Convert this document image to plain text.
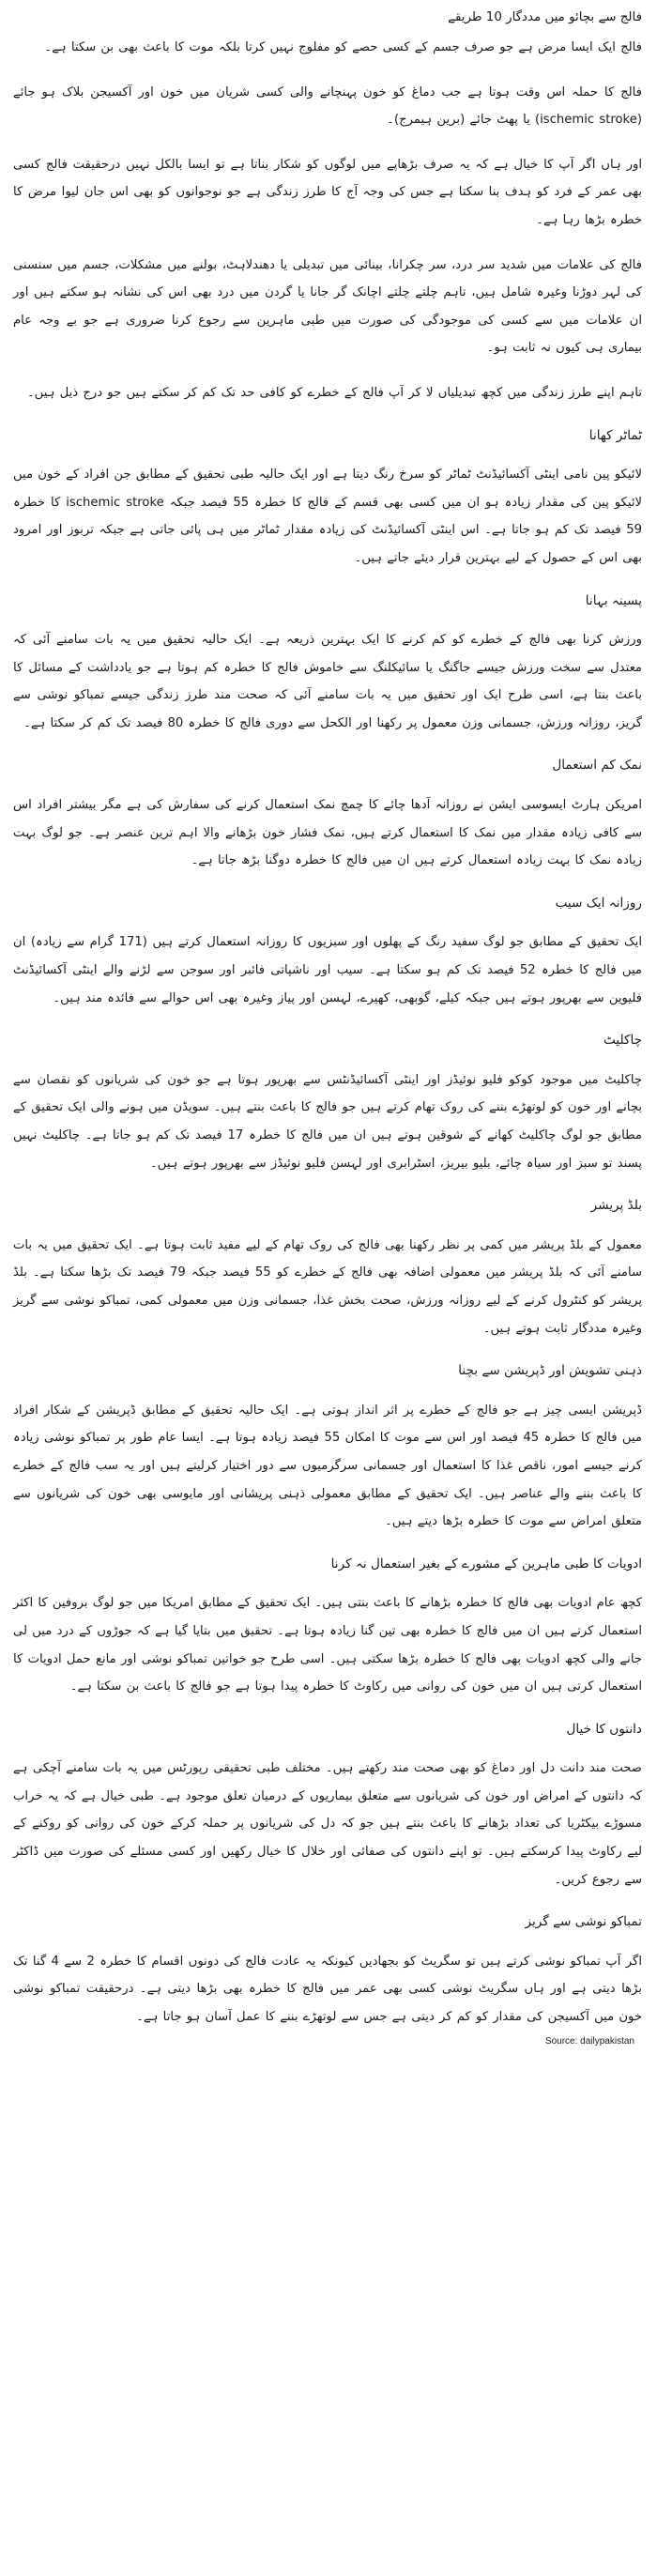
فالج سے بچائو میں مددگار 10 طریقے

فالج ایک ایسا مرض ہے جو صرف جسم کے کسی حصے کو مفلوج نہیں کرتا بلکہ موت کا باعث بھی بن سکتا ہے۔

فالج کا حملہ اس وقت ہوتا ہے جب دماغ کو خون پہنچانے والی کسی شریان میں خون اور آکسیجن بلاک ہو جائے (ischemic stroke) یا پھٹ جائے (برین ہیمرج)۔

اور ہاں اگر آپ کا خیال ہے کہ یہ صرف بڑھاپے میں لوگوں کو شکار بناتا ہے تو ایسا بالکل نہیں درحقیقت فالج کسی بھی عمر کے فرد کو ہدف بنا سکتا ہے جس کی وجہ آج کا طرز زندگی ہے جو نوجوانوں کو بھی اس جان لیوا مرض کا خطرہ بڑھا رہا ہے۔

فالج کی علامات میں شدید سر درد، سر چکرانا، بینائی میں تبدیلی یا دھندلاہٹ، بولنے میں مشکلات، جسم میں سنسنی کی لہر دوڑنا وغیرہ شامل ہیں، تاہم چلتے چلتے اچانک گر جانا یا گردن میں درد بھی اس کی نشانہ ہو سکتے ہیں اور ان علامات میں سے کسی کی موجودگی کی صورت میں طبی ماہرین سے رجوع کرنا ضروری ہے جو بے وجہ عام بیماری ہی کیوں نہ ثابت ہو۔

تاہم اپنے طرز زندگی میں کچھ تبدیلیاں لا کر آپ فالج کے خطرے کو کافی حد تک کم کر سکتے ہیں جو درج ذیل ہیں۔

ٹماٹر کھانا

لائیکو پین نامی اینٹی آکسائیڈنٹ ٹماٹر کو سرخ رنگ دیتا ہے اور ایک حالیہ طبی تحقیق کے مطابق جن افراد کے خون میں لائیکو پین کی مقدار زیادہ ہو ان میں کسی بھی قسم کے فالج کا خطرہ 55 فیصد جبکہ ischemic stroke کا خطرہ 59 فیصد تک کم ہو جاتا ہے۔ اس اینٹی آکسائیڈنٹ کی زیادہ مقدار ٹماٹر میں ہی پائی جاتی ہے جبکہ تربوز اور امرود بھی اس کے حصول کے لیے بہترین قرار دیئے جاتے ہیں۔

پسینہ بہانا

ورزش کرنا بھی فالج کے خطرے کو کم کرنے کا ایک بہترین ذریعہ ہے۔ ایک حالیہ تحقیق میں یہ بات سامنے آئی کہ معتدل سے سخت ورزش جیسے جاگنگ یا سائیکلنگ سے خاموش فالج کا خطرہ کم ہوتا ہے جو یادداشت کے مسائل کا باعث بنتا ہے، اسی طرح ایک اور تحقیق میں یہ بات سامنے آئی کہ صحت مند طرز زندگی جیسے تمباکو نوشی سے گریز، روزانہ ورزش، جسمانی وزن معمول پر رکھنا اور الکحل سے دوری فالج کا خطرہ 80 فیصد تک کم کر سکتا ہے۔

نمک کم استعمال

امریکن ہارٹ ایسوسی ایشن نے روزانہ آدھا چائے کا چمچ نمک استعمال کرنے کی سفارش کی ہے مگر بیشتر افراد اس سے کافی زیادہ مقدار میں نمک کا استعمال کرتے ہیں، نمک فشار خون بڑھانے والا اہم ترین عنصر ہے۔ جو لوگ بہت زیادہ نمک کا بہت زیادہ استعمال کرتے ہیں ان میں فالج کا خطرہ دوگنا بڑھ جاتا ہے۔

روزانہ ایک سیب

ایک تحقیق کے مطابق جو لوگ سفید رنگ کے پھلوں اور سبزیوں کا روزانہ استعمال کرتے ہیں (171 گرام سے زیادہ) ان میں فالج کا خطرہ 52 فیصد تک کم ہو سکتا ہے۔ سیب اور ناشپاتی فائبر اور سوجن سے لڑنے والے اینٹی آکسائیڈنٹ فلیوین سے بھرپور ہوتے ہیں جبکہ کیلے، گوبھی، کھیرے، لہسن اور پیاز وغیرہ بھی اس حوالے سے فائدہ مند ہیں۔

چاکلیٹ

چاکلیٹ میں موجود کوکو فلیو نوئیڈز اور اینٹی آکسائیڈنٹس سے بھرپور ہوتا ہے جو خون کی شریانوں کو نقصان سے بچانے اور خون کو لوتھڑے بننے کی روک تھام کرتے ہیں جو فالج کا باعث بنتے ہیں۔ سویڈن میں ہونے والی ایک تحقیق کے مطابق جو لوگ چاکلیٹ کھانے کے شوقین ہوتے ہیں ان میں فالج کا خطرہ 17 فیصد تک کم ہو جاتا ہے۔ چاکلیٹ نہیں پسند تو سبز اور سیاہ چائے، بلیو بیریز، اسٹرابری اور لہسن فلیو نوئیڈز سے بھرپور ہوتے ہیں۔

بلڈ پریشر

معمول کے بلڈ پریشر میں کمی پر نظر رکھنا بھی فالج کی روک تھام کے لیے مفید ثابت ہوتا ہے۔ ایک تحقیق میں یہ بات سامنے آئی کہ بلڈ پریشر میں معمولی اضافہ بھی فالج کے خطرے کو 55 فیصد جبکہ 79 فیصد تک بڑھا سکتا ہے۔ بلڈ پریشر کو کنٹرول کرنے کے لیے روزانہ ورزش، صحت بخش غذا، جسمانی وزن میں معمولی کمی، تمباکو نوشی سے گریز وغیرہ مددگار ثابت ہوتے ہیں۔

ذہنی تشویش اور ڈپریشن سے بچنا

ڈپریشن ایسی چیز ہے جو فالج کے خطرے پر اثر انداز ہوتی ہے۔ ایک حالیہ تحقیق کے مطابق ڈپریشن کے شکار افراد میں فالج کا خطرہ 45 فیصد اور اس سے موت کا امکان 55 فیصد زیادہ ہوتا ہے۔ ایسا عام طور پر تمباکو نوشی زیادہ کرنے جیسے امور، ناقص غذا کا استعمال اور جسمانی سرگرمیوں سے دور اختیار کرلیتے ہیں اور یہ سب فالج کے خطرے کا باعث بننے والے عناصر ہیں۔ ایک تحقیق کے مطابق معمولی ذہنی پریشانی اور مایوسی بھی خون کی شریانوں سے متعلق امراض سے موت کا خطرہ بڑھا دیتے ہیں۔

ادویات کا طبی ماہرین کے مشورے کے بغیر استعمال نہ کرنا

کچھ عام ادویات بھی فالج کا خطرہ بڑھانے کا باعث بنتی ہیں۔ ایک تحقیق کے مطابق امریکا میں جو لوگ بروفین کا اکثر استعمال کرتے ہیں ان میں فالج کا خطرہ بھی تین گنا زیادہ ہوتا ہے۔ تحقیق میں بتایا گیا ہے کہ جوڑوں کے درد میں لی جانے والی کچھ ادویات بھی فالج کا خطرہ بڑھا سکتی ہیں۔ اسی طرح جو خواتین تمباکو نوشی اور مانع حمل ادویات کا استعمال کرتی ہیں ان میں خون کی روانی میں رکاوٹ کا خطرہ پیدا ہوتا ہے جو فالج کا باعث بن سکتا ہے۔

دانتوں کا خیال

صحت مند دانت دل اور دماغ کو بھی صحت مند رکھتے ہیں۔ مختلف طبی تحقیقی رپورٹس میں یہ بات سامنے آچکی ہے کہ دانتوں کے امراض اور خون کی شریانوں سے متعلق بیماریوں کے درمیان تعلق موجود ہے۔ طبی خیال ہے کہ یہ خراب مسوڑے بیکٹریا کی تعداد بڑھانے کا باعث بنتے ہیں جو کہ دل کی شریانوں پر حملہ کرکے خون کی روانی کو روکنے کے لیے رکاوٹ پیدا کرسکتے ہیں۔ تو اپنے دانتوں کی صفائی اور خلال کا خیال رکھیں اور کسی مسئلے کی صورت میں ڈاکٹر سے رجوع کریں۔

تمباکو نوشی سے گریز

اگر آپ تمباکو نوشی کرتے ہیں تو سگریٹ کو بجھادیں کیونکہ یہ عادت فالج کی دونوں اقسام کا خطرہ 2 سے 4 گنا تک بڑھا دیتی ہے اور ہاں سگریٹ نوشی کسی بھی عمر میں فالج کا خطرہ بھی بڑھا دیتی ہے۔ درحقیقت تمباکو نوشی خون میں آکسیجن کی مقدار کو کم کر دیتی ہے جس سے لوتھڑے بننے کا عمل آسان ہو جاتا ہے۔

Source: dailypakistan
